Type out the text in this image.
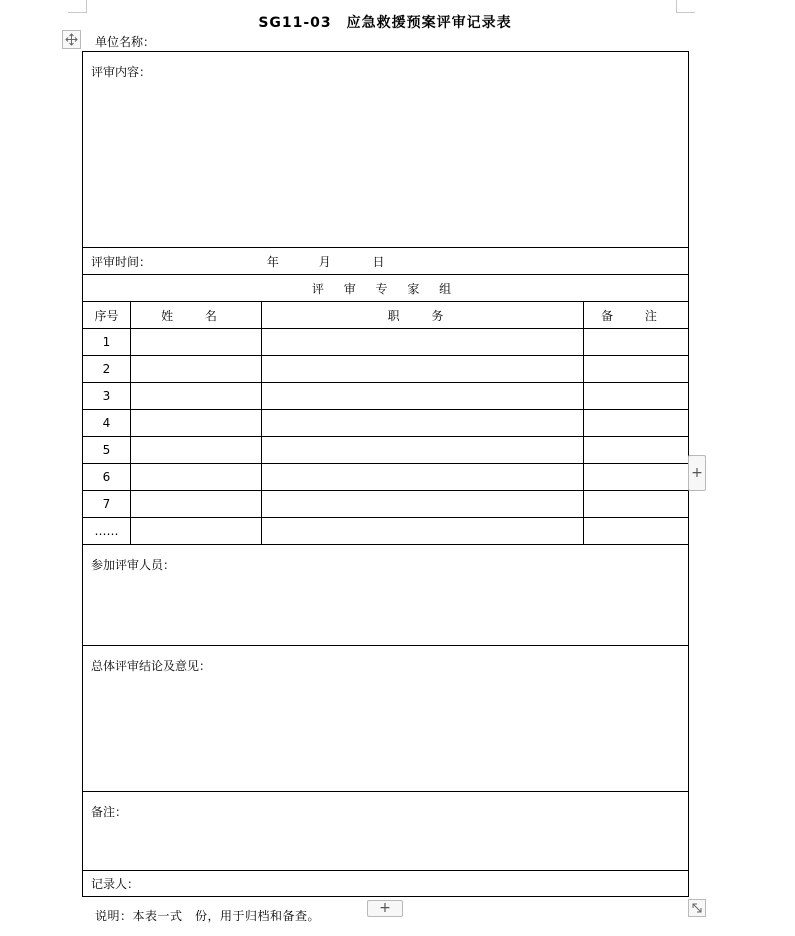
SG11-03　应急救援预案评审记录表
单位名称：
评审内容：			
评审时间： 年 月 日			
评 审 专 家 组			
序号	姓 名	职 务	备 注
1			
2			
3			
4			
5			
6			
7			
……			
参加评审人员：			
总体评审结论及意见：			
备注：			
记录人：			
+
+
说明：本表一式　份，用于归档和备查。
